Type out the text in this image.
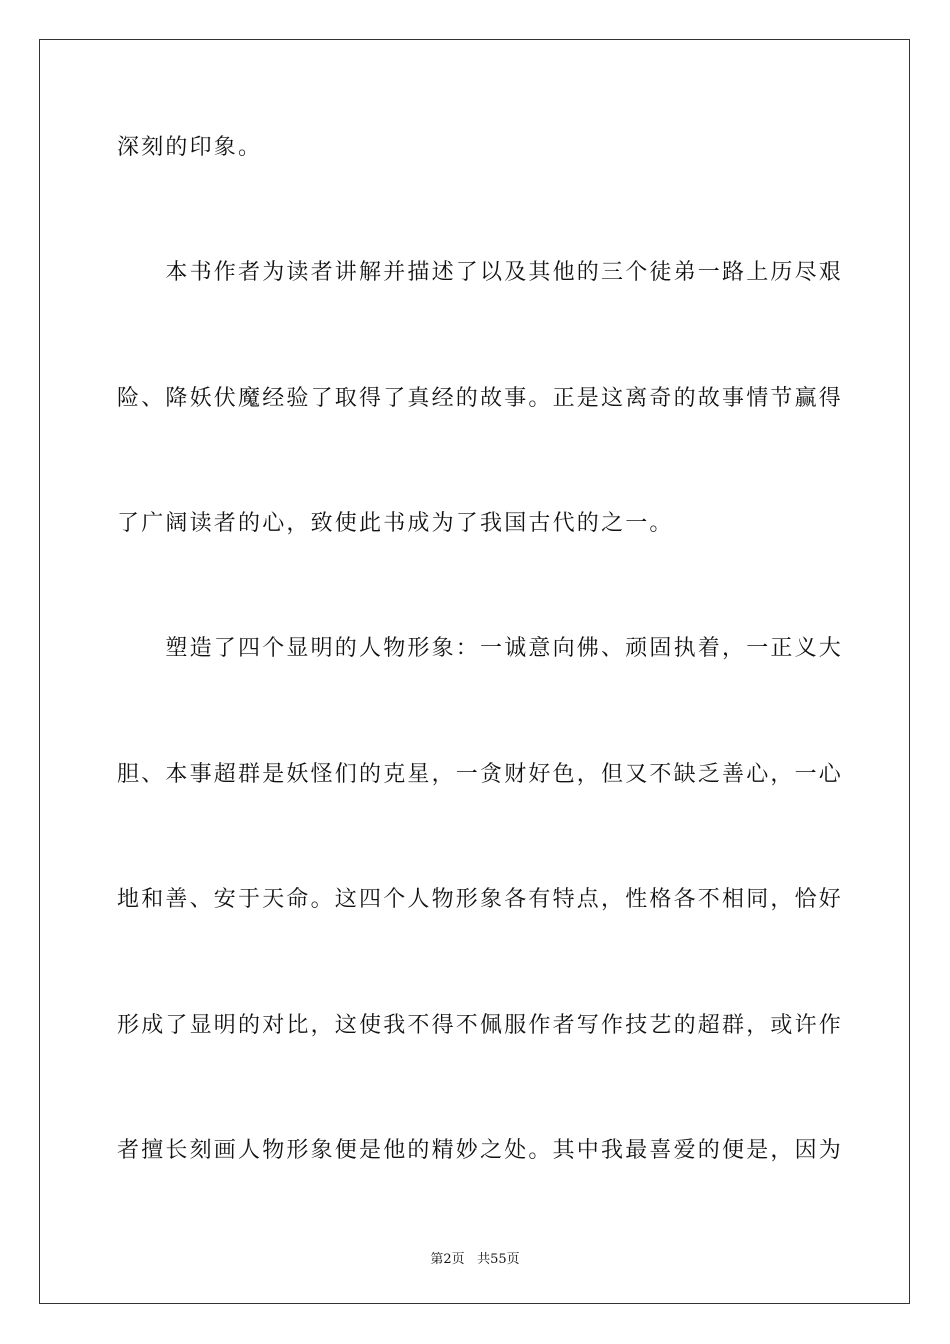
深刻的印象。
　　本书作者为读者讲解并描述了以及其他的三个徒弟一路上历尽艰
险、降妖伏魔经验了取得了真经的故事。正是这离奇的故事情节赢得
了广阔读者的心，致使此书成为了我国古代的之一。
　　塑造了四个显明的人物形象：一诚意向佛、顽固执着，一正义大
胆、本事超群是妖怪们的克星，一贪财好色，但又不缺乏善心，一心
地和善、安于天命。这四个人物形象各有特点，性格各不相同，恰好
形成了显明的对比，这使我不得不佩服作者写作技艺的超群，或许作
者擅长刻画人物形象便是他的精妙之处。其中我最喜爱的便是，因为
第2页 共55页
